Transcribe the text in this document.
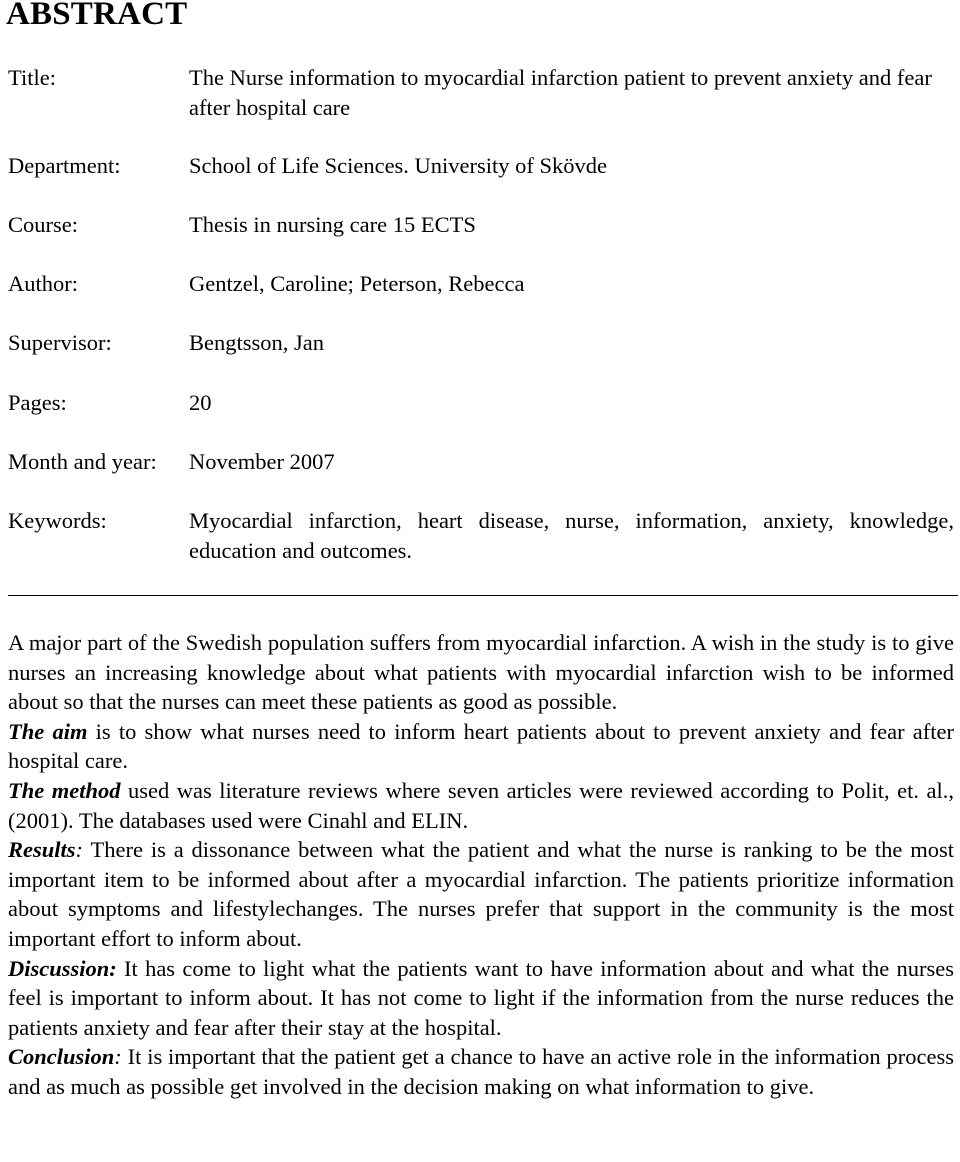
ABSTRACT
Title:	The Nurse information to myocardial infarction patient to prevent anxiety and fear after hospital care
Department:	School of Life Sciences. University of Skövde
Course:	Thesis in nursing care 15 ECTS
Author:	Gentzel, Caroline; Peterson, Rebecca
Supervisor:	Bengtsson, Jan
Pages:	20
Month and year: November 2007
Keywords:	Myocardial infarction, heart disease, nurse, information, anxiety, knowledge, education and outcomes.

A major part of the Swedish population suffers from myocardial infarction. A wish in the study is to give nurses an increasing knowledge about what patients with myocardial infarction wish to be informed about so that the nurses can meet these patients as good as possible.

The aim is to show what nurses need to inform heart patients about to prevent anxiety and fear after hospital care.

The method used was literature reviews where seven articles were reviewed according to Polit, et. al., (2001). The databases used were Cinahl and ELIN.

Results: There is a dissonance between what the patient and what the nurse is ranking to be the most important item to be informed about after a myocardial infarction. The patients prioritize information about symptoms and lifestylechanges. The nurses prefer that support in the community is the most important effort to inform about.

Discussion: It has come to light what the patients want to have information about and what the nurses feel is important to inform about. It has not come to light if the information from the nurse reduces the patients anxiety and fear after their stay at the hospital.

Conclusion: It is important that the patient get a chance to have an active role in the information process and as much as possible get involved in the decision making on what information to give.
